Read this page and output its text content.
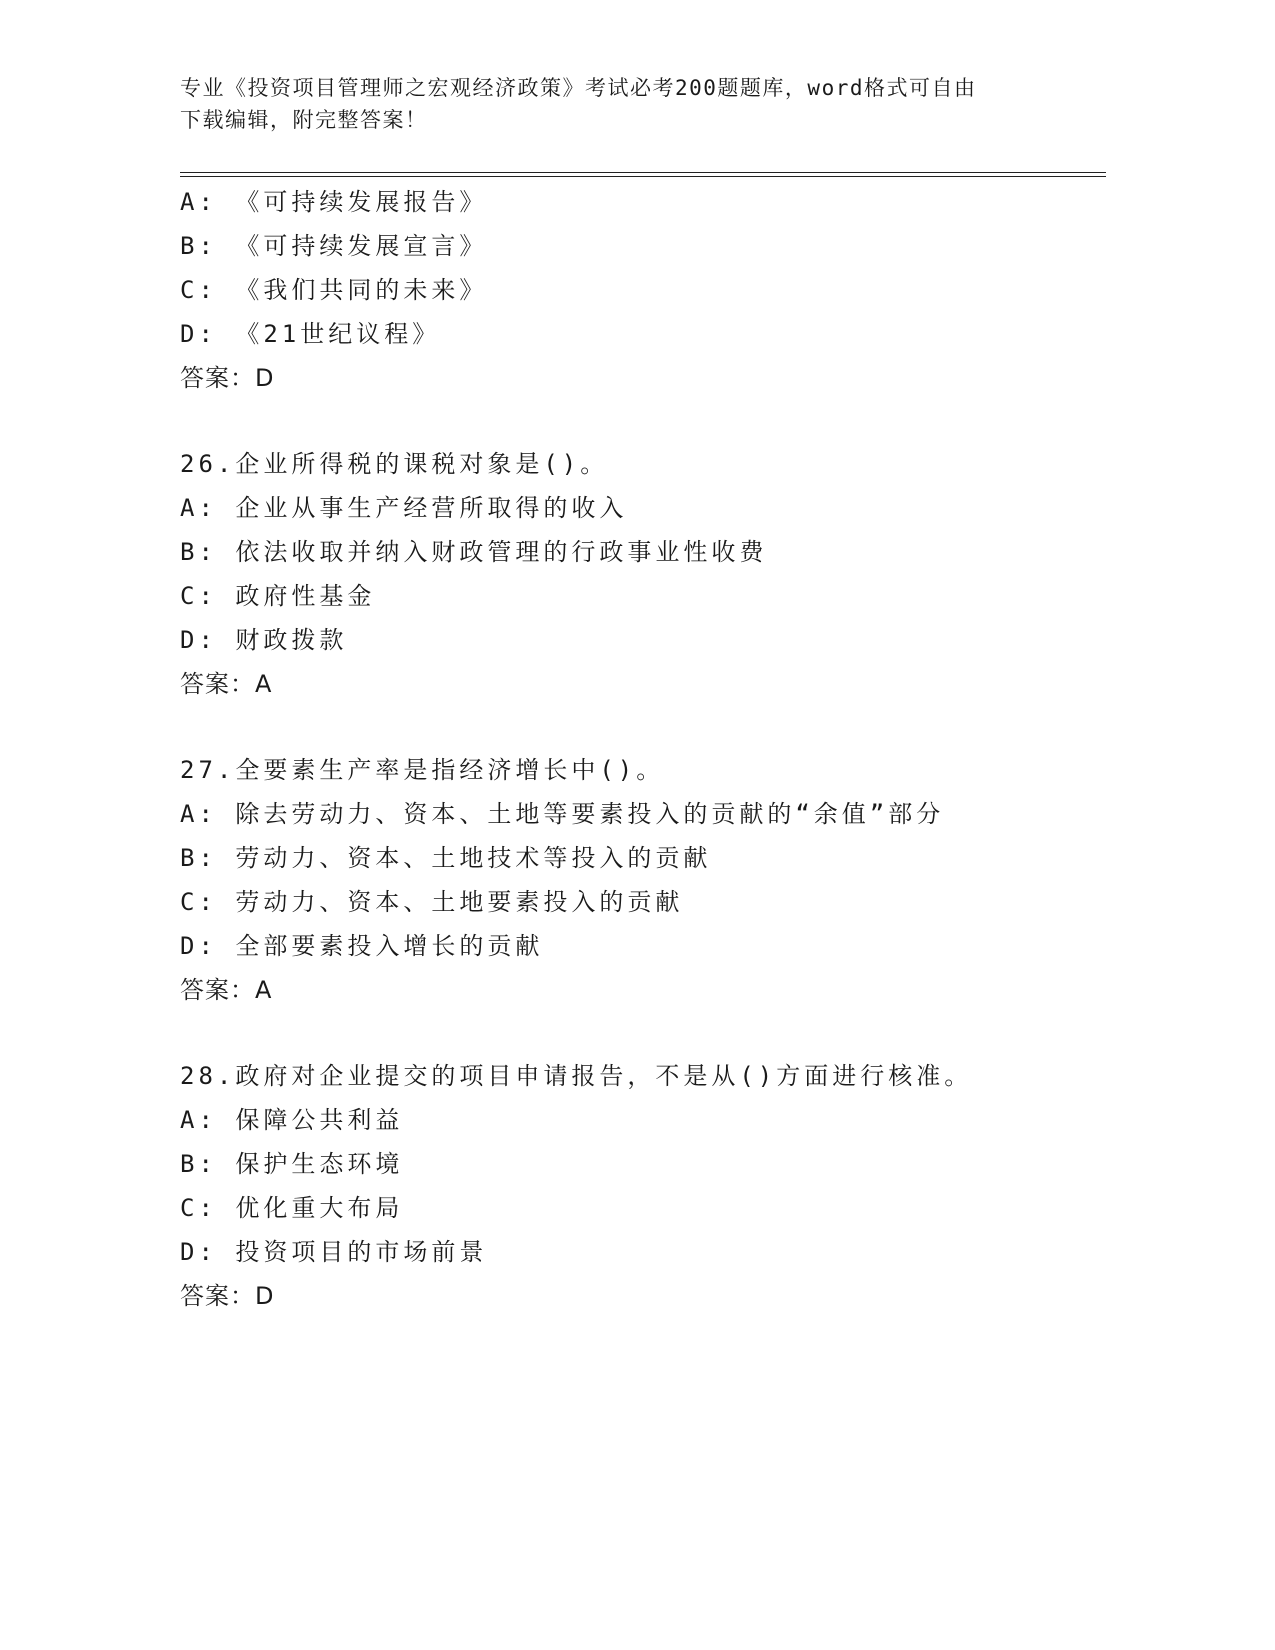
专业《投资项目管理师之宏观经济政策》考试必考200题题库，word格式可自由
下载编辑，附完整答案！
A: 《可持续发展报告》
B: 《可持续发展宣言》
C: 《我们共同的未来》
D: 《21世纪议程》
答案：D
26.企业所得税的课税对象是()。
A: 企业从事生产经营所取得的收入
B: 依法收取并纳入财政管理的行政事业性收费
C: 政府性基金
D: 财政拨款
答案：A
27.全要素生产率是指经济增长中()。
A: 除去劳动力、资本、土地等要素投入的贡献的“余值”部分
B: 劳动力、资本、土地技术等投入的贡献
C: 劳动力、资本、土地要素投入的贡献
D: 全部要素投入增长的贡献
答案：A
28.政府对企业提交的项目申请报告，不是从()方面进行核准。
A: 保障公共利益
B: 保护生态环境
C: 优化重大布局
D: 投资项目的市场前景
答案：D
